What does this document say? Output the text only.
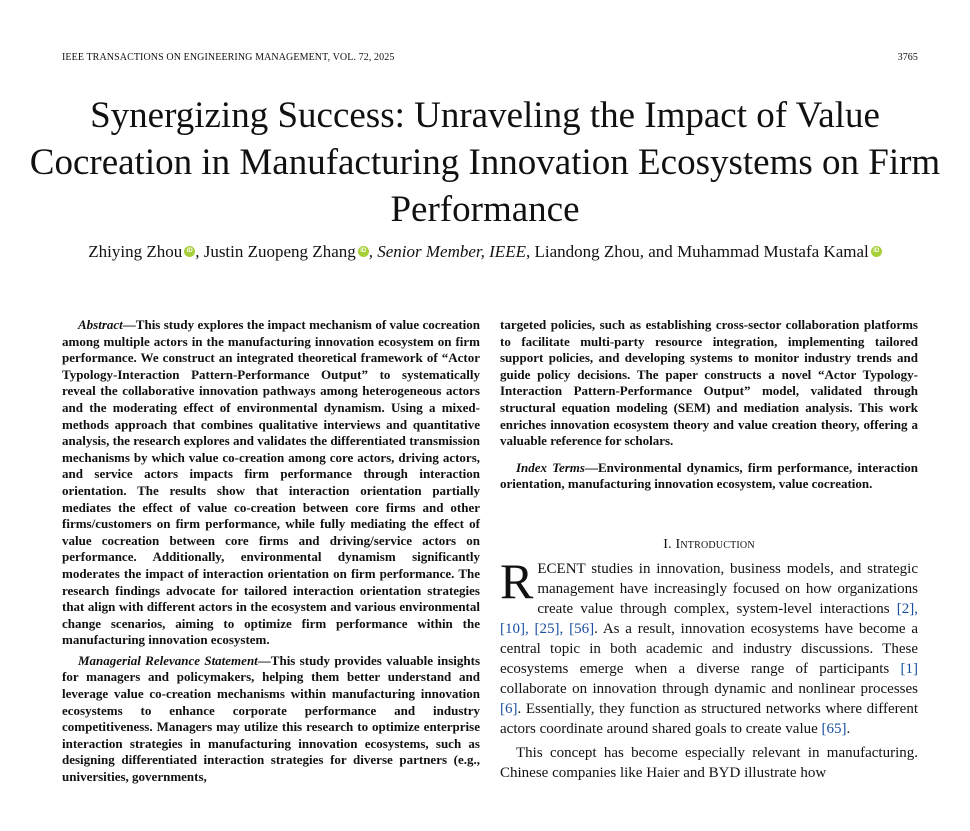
IEEE TRANSACTIONS ON ENGINEERING MANAGEMENT, VOL. 72, 2025	3765
Synergizing Success: Unraveling the Impact of Value Cocreation in Manufacturing Innovation Ecosystems on Firm Performance
Zhiying Zhou iD , Justin Zuopeng Zhang iD , Senior Member, IEEE, Liandong Zhou, and Muhammad Mustafa Kamal iD

Abstract—This study explores the impact mechanism of value cocreation among multiple actors in the manufacturing innovation ecosystem on firm performance. We construct an integrated theoretical framework of “Actor Typology-Interaction Pattern-Performance Output” to systematically reveal the collaborative innovation pathways among heterogeneous actors and the moderating effect of environmental dynamism. Using a mixed-methods approach that combines qualitative interviews and quantitative analysis, the research explores and validates the differentiated transmission mechanisms by which value co-creation among core actors, driving actors, and service actors impacts firm performance through interaction orientation. The results show that interaction orientation partially mediates the effect of value co-creation between core firms and other firms/customers on firm performance, while fully mediating the effect of value cocreation between core firms and driving/service actors on performance. Additionally, environmental dynamism significantly moderates the impact of interaction orientation on firm performance. The research findings advocate for tailored interaction orientation strategies that align with different actors in the ecosystem and various environmental change scenarios, aiming to optimize firm performance within the manufacturing innovation ecosystem.

Managerial Relevance Statement—This study provides valuable insights for managers and policymakers, helping them better understand and leverage value co-creation mechanisms within manufacturing innovation ecosystems to enhance corporate performance and industry competitiveness. Managers may utilize this research to optimize enterprise interaction strategies in manufacturing innovation ecosystems, such as designing differentiated interaction strategies for diverse partners (e.g., universities, governments,

targeted policies, such as establishing cross-sector collaboration platforms to facilitate multi-party resource integration, implementing tailored support policies, and developing systems to monitor industry trends and guide policy decisions. The paper constructs a novel “Actor Typology-Interaction Pattern-Performance Output” model, validated through structural equation modeling (SEM) and mediation analysis. This work enriches innovation ecosystem theory and value creation theory, offering a valuable reference for scholars.

Index Terms—Environmental dynamics, firm performance, interaction orientation, manufacturing innovation ecosystem, value cocreation.

I. Introduction

RECENT studies in innovation, business models, and strategic management have increasingly focused on how organizations create value through complex, system-level interactions [2], [10], [25], [56]. As a result, innovation ecosystems have become a central topic in both academic and industry discussions. These ecosystems emerge when a diverse range of participants [1] collaborate on innovation through dynamic and nonlinear processes [6]. Essentially, they function as structured networks where different actors coordinate around shared goals to create value [65].

This concept has become especially relevant in manufacturing. Chinese companies like Haier and BYD illustrate how
